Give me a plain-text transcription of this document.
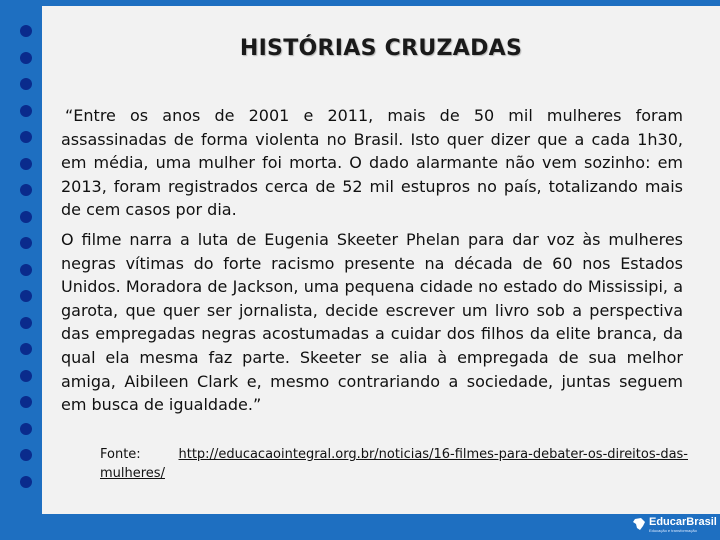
HISTÓRIAS CRUZADAS
“Entre os anos de 2001 e 2011, mais de 50 mil mulheres foram assassinadas de forma violenta no Brasil. Isto quer dizer que a cada 1h30, em média, uma mulher foi morta. O dado alarmante não vem sozinho: em 2013, foram registrados cerca de 52 mil estupros no país, totalizando mais de cem casos por dia.
O filme narra a luta de Eugenia Skeeter Phelan para dar voz às mulheres negras vítimas do forte racismo presente na década de 60 nos Estados Unidos. Moradora de Jackson, uma pequena cidade no estado do Mississipi, a garota, que quer ser jornalista, decide escrever um livro sob a perspectiva das empregadas negras acostumadas a cuidar dos filhos da elite branca, da qual ela mesma faz parte. Skeeter se alia à empregada de sua melhor amiga, Aibileen Clark e, mesmo contrariando a sociedade, juntas seguem em busca de igualdade.”
Fonte: http://educacaointegral.org.br/noticias/16-filmes-para-debater-os-direitos-das-mulheres/
EducarBrasil
Educação e transformação
